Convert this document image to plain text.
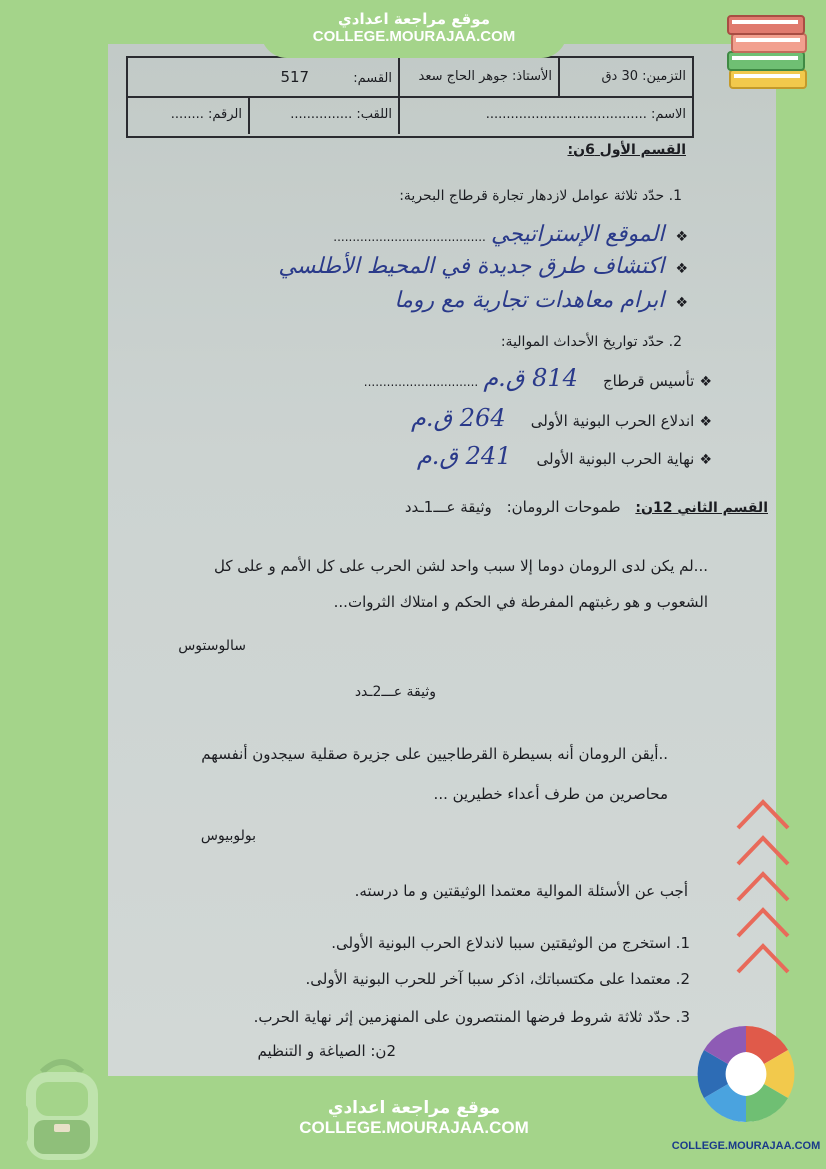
التزمين: 30 دق
الأستاذ: جوهر الحاج سعد
القسم: 517
الاسم: .......................................
اللقب: ...............
الرقم: ........
القسم الأول 6ن:
1. حدّد ثلاثة عوامل لازدهار تجارة قرطاج البحرية:
❖ الموقع الإستراتيجي ........................................
❖ اكتشاف طرق جديدة في المحيط الأطلسي
❖ ابرام معاهدات تجارية مع روما
2. حدّد تواريخ الأحداث الموالية:
❖ تأسيس قرطاج 814 ق.م ..............................
❖ اندلاع الحرب البونية الأولى 264 ق.م
❖ نهاية الحرب البونية الأولى 241 ق.م
القسم الثاني 12ن: طموحات الرومان: وثيقة عـــ1ـدد
...لم يكن لدى الرومان دوما إلا سبب واحد لشن الحرب على كل الأمم و على كل الشعوب و هو رغبتهم المفرطة في الحكم و امتلاك الثروات...
سالوستوس
وثيقة عـــ2ـدد
..أيقن الرومان أنه بسيطرة القرطاجيين على جزيرة صقلية سيجدون أنفسهم محاصرين من طرف أعداء خطيرين ...
بولوبيوس
أجب عن الأسئلة الموالية معتمدا الوثيقتين و ما درسته.
1. استخرج من الوثيقتين سببا لاندلاع الحرب البونية الأولى.
2. معتمدا على مكتسباتك، اذكر سببا آخر للحرب البونية الأولى.
3. حدّد ثلاثة شروط فرضها المنتصرون على المنهزمين إثر نهاية الحرب.
2ن: الصياغة و التنظيم
موقع مراجعة اعدادي
COLLEGE.MOURAJAA.COM
موقع مراجعة اعدادي
COLLEGE.MOURAJAA.COM
COLLEGE.MOURAJAA.COM
